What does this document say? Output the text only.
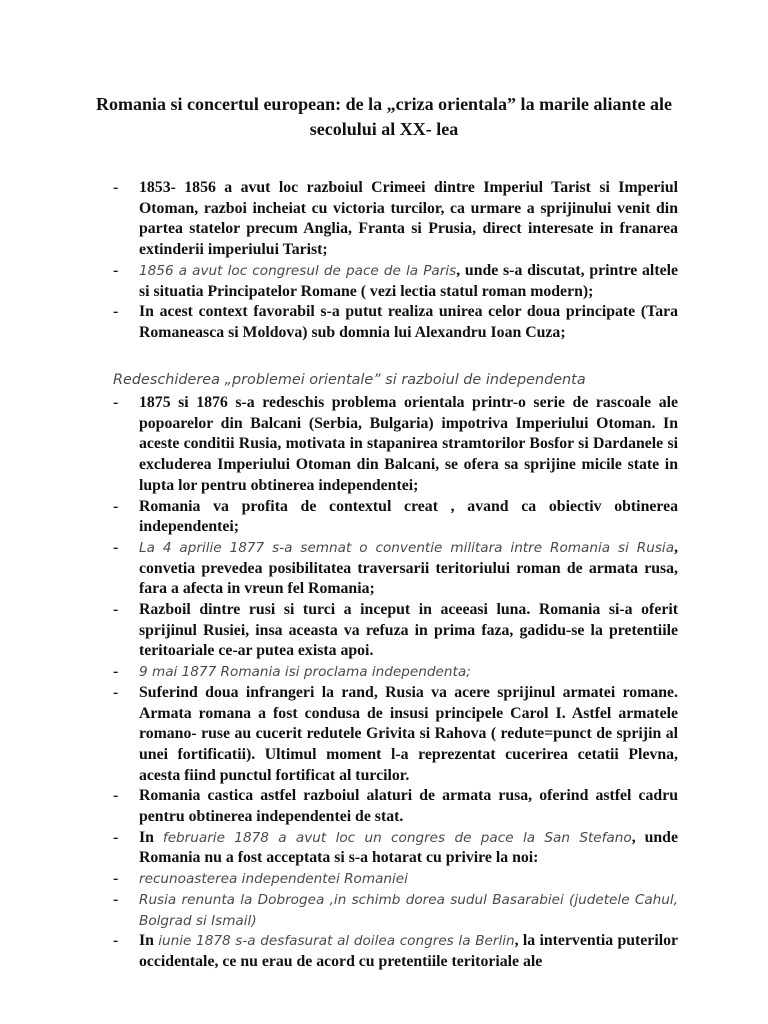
Romania si concertul european: de la „criza orientala” la marile aliante ale secolului al XX- lea
- 1853- 1856 a avut loc razboiul Crimeei dintre Imperiul Tarist si Imperiul Otoman, razboi incheiat cu victoria turcilor, ca urmare a sprijinului venit din partea statelor precum Anglia, Franta si Prusia, direct interesate in franarea extinderii imperiului Tarist;
- 1856 a avut loc congresul de pace de la Paris, unde s-a discutat, printre altele si situatia Principatelor Romane ( vezi lectia statul roman modern);
- In acest context favorabil s-a putut realiza unirea celor doua principate (Tara Romaneasca si Moldova) sub domnia lui Alexandru Ioan Cuza;
Redeschiderea „problemei orientale” si razboiul de independenta
- 1875 si 1876 s-a redeschis problema orientala printr-o serie de rascoale ale popoarelor din Balcani (Serbia, Bulgaria) impotriva Imperiului Otoman. In aceste conditii Rusia, motivata in stapanirea stramtorilor Bosfor si Dardanele si excluderea Imperiului Otoman din Balcani, se ofera sa sprijine micile state in lupta lor pentru obtinerea independentei;
- Romania va profita de contextul creat , avand ca obiectiv obtinerea independentei;
- La 4 aprilie 1877 s-a semnat o conventie militara intre Romania si Rusia, convetia prevedea posibilitatea traversarii teritoriului roman de armata rusa, fara a afecta in vreun fel Romania;
- Razboil dintre rusi si turci a inceput in aceeasi luna. Romania si-a oferit sprijinul Rusiei, insa aceasta va refuza in prima faza, gadidu-se la pretentiile teritoariale ce-ar putea exista apoi.
- 9 mai 1877 Romania isi proclama independenta;
- Suferind doua infrangeri la rand, Rusia va acere sprijinul armatei romane. Armata romana a fost condusa de insusi principele Carol I. Astfel armatele romano- ruse au cucerit redutele Grivita si Rahova ( redute=punct de sprijin al unei fortificatii). Ultimul moment l-a reprezentat cucerirea cetatii Plevna, acesta fiind punctul fortificat al turcilor.
- Romania castica astfel razboiul alaturi de armata rusa, oferind astfel cadru pentru obtinerea independentei de stat.
- In februarie 1878 a avut loc un congres de pace la San Stefano, unde Romania nu a fost acceptata si s-a hotarat cu privire la noi:
- recunoasterea independentei Romaniei
- Rusia renunta la Dobrogea ,in schimb dorea sudul Basarabiei (judetele Cahul, Bolgrad si Ismail)
- In iunie 1878 s-a desfasurat al doilea congres la Berlin, la interventia puterilor occidentale, ce nu erau de acord cu pretentiile teritoriale ale
